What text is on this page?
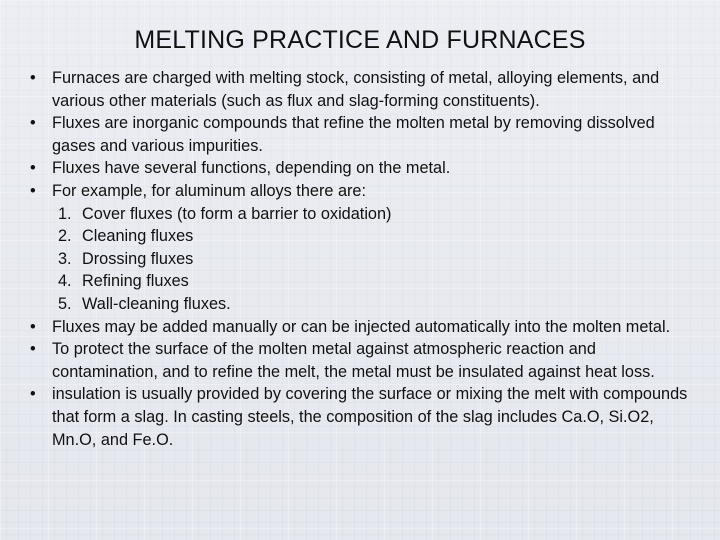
MELTING PRACTICE AND FURNACES
• Furnaces are charged with melting stock, consisting of metal, alloying elements, and various other materials (such as flux and slag-forming constituents).
• Fluxes are inorganic compounds that refine the molten metal by removing dissolved gases and various impurities.
• Fluxes have several functions, depending on the metal.
• For example, for aluminum alloys there are:
1. Cover fluxes (to form a barrier to oxidation)
2. Cleaning fluxes
3. Drossing fluxes
4. Refining fluxes
5. Wall-cleaning fluxes.
• Fluxes may be added manually or can be injected automatically into the molten metal.
• To protect the surface of the molten metal against atmospheric reaction and contamination, and to refine the melt, the metal must be insulated against heat loss.
• insulation is usually provided by covering the surface or mixing the melt with compounds that form a slag. In casting steels, the composition of the slag includes Ca.O, Si.O2, Mn.O, and Fe.O.
